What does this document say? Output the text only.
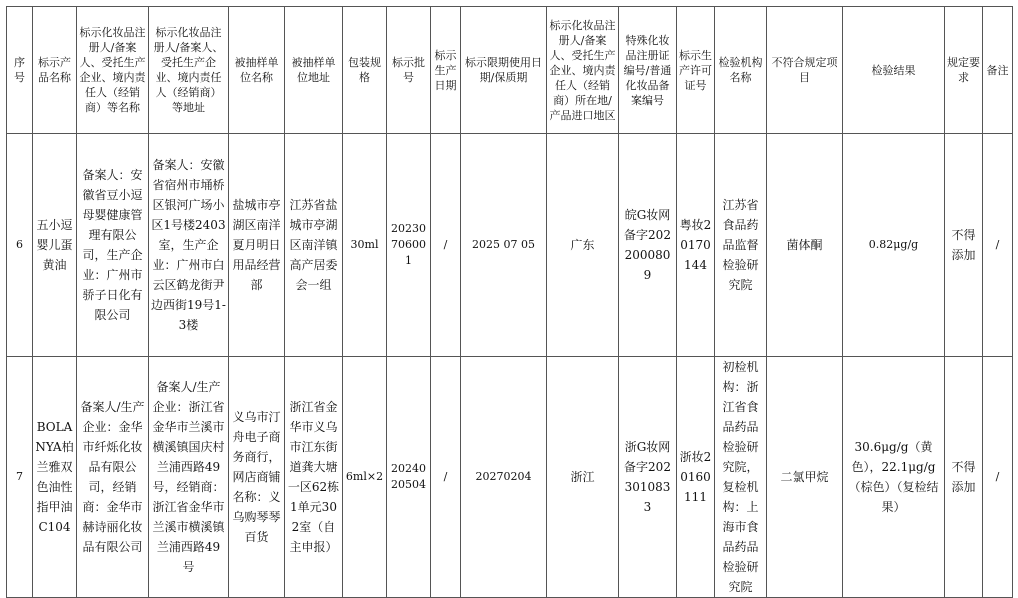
序号	标示产品名称	标示化妆品注册人/备案人、受托生产企业、境内责任人（经销商）等名称	标示化妆品注册人/备案人、受托生产企业、境内责任人（经销商）等地址	被抽样单位名称	被抽样单位地址	包装规格	标示批号	标示生产日期	标示限期使用日期/保质期	标示化妆品注册人/备案人、受托生产企业、境内责任人（经销商）所在地/产品进口地区	特殊化妆品注册证编号/普通化妆品备案编号	标示生产许可证号	检验机构名称	不符合规定项目	检验结果	规定要求	备注
6	五小逗婴儿蛋黄油	备案人：安徽省豆小逗母婴健康管理有限公司，生产企业：广州市骄子日化有限公司	备案人：安徽省宿州市埇桥区银河广场小区1号楼2403室，生产企业：广州市白云区鹤龙街尹边西街19号1-3楼	盐城市亭湖区南洋夏月明日用品经营部	江苏省盐城市亭湖区南洋镇高产居委会一组	30ml	20230706001	/	2025 07 05	广东	皖G妆网备字2022000809	粤妆20170144	江苏省食品药品监督检验研究院	菌体酮	0.82μg/g	不得添加	/
7	BOLANYA柏兰雅双色油性指甲油C104	备案人/生产企业：金华市纤烁化妆品有限公司，经销商：金华市赫诗丽化妆品有限公司	备案人/生产企业：浙江省金华市兰溪市横溪镇国庆村兰浦西路49号，经销商：浙江省金华市兰溪市横溪镇兰浦西路49号	义乌市汀舟电子商务商行，网店商铺名称：义乌购琴琴百货	浙江省金华市义乌市江东街道龚大塘一区62栋1单元302室（自主申报）	6ml×2	2024020504	/	20270204	浙江	浙G妆网备字2023010833	浙妆20160111	初检机构：浙江省食品药品检验研究院，复检机构：上海市食品药品检验研究院	二氯甲烷	30.6μg/g（黄色），22.1μg/g（棕色）（复检结果）	不得添加	/
